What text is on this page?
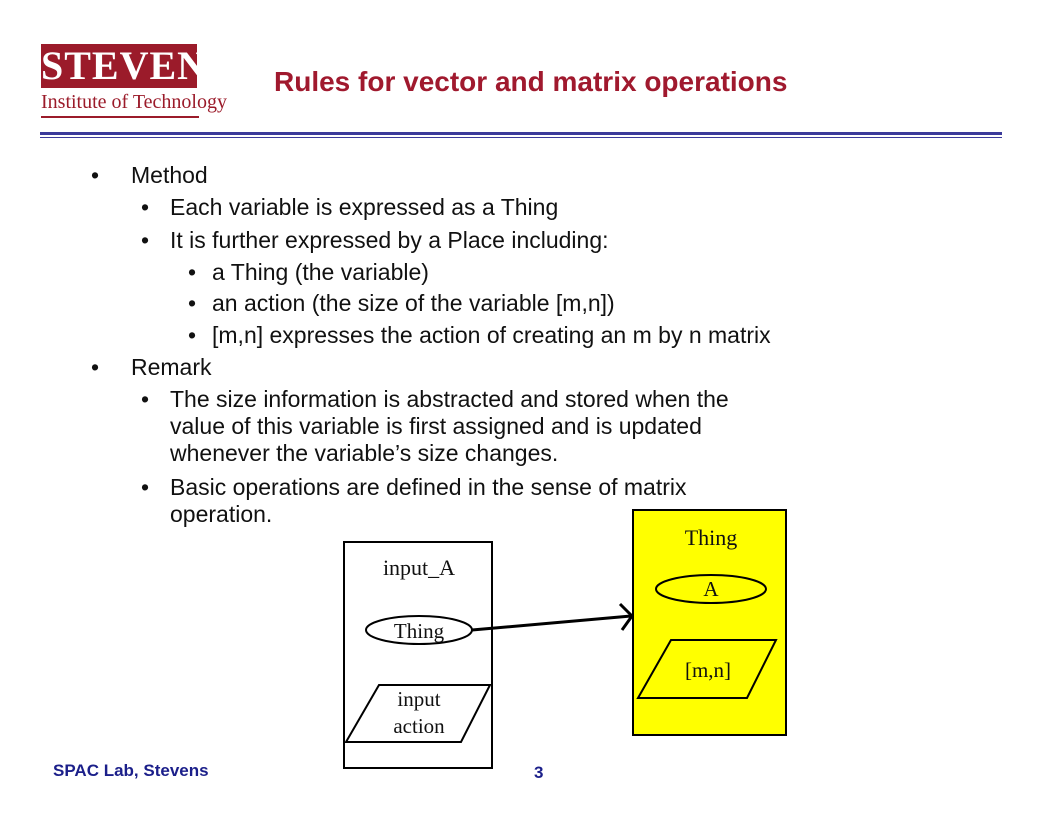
STEVENS
Institute of Technology
Rules for vector and matrix operations
• Method
• Each variable is expressed as a Thing
• It is further expressed by a Place including:
• a Thing (the variable)
• an action (the size of the variable [m,n])
• [m,n] expresses the action of creating an m by n matrix
• Remark
• The size information is abstracted and stored when the
value of this variable is first assigned and is updated
whenever the variable’s size changes.
• Basic operations are defined in the sense of matrix
operation.
Thing
A
[m,n]
input_A
Thing
input
action
SPAC Lab, Stevens	3
